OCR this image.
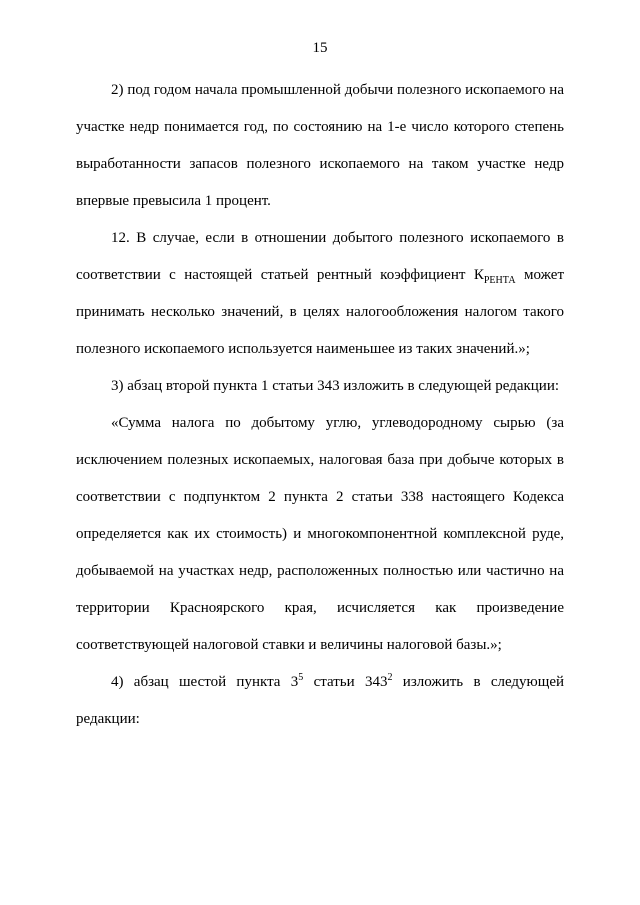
15

2) под годом начала промышленной добычи полезного ископаемого на участке недр понимается год, по состоянию на 1-е число которого степень выработанности запасов полезного ископаемого на таком участке недр впервые превысила 1 процент.

12. В случае, если в отношении добытого полезного ископаемого в соответствии с настоящей статьей рентный коэффициент $К_{РЕНТА}$ может принимать несколько значений, в целях налогообложения налогом такого полезного ископаемого используется наименьшее из таких значений.»;

3) абзац второй пункта 1 статьи 343 изложить в следующей редакции:

«Сумма налога по добытому углю, углеводородному сырью (за исключением полезных ископаемых, налоговая база при добыче которых в соответствии с подпунктом 2 пункта 2 статьи 338 настоящего Кодекса определяется как их стоимость) и многокомпонентной комплексной руде, добываемой на участках недр, расположенных полностью или частично на территории Красноярского края, исчисляется как произведение соответствующей налоговой ставки и величины налоговой базы.»;

4) абзац шестой пункта $3^5$ статьи $343^2$ изложить в следующей редакции:
